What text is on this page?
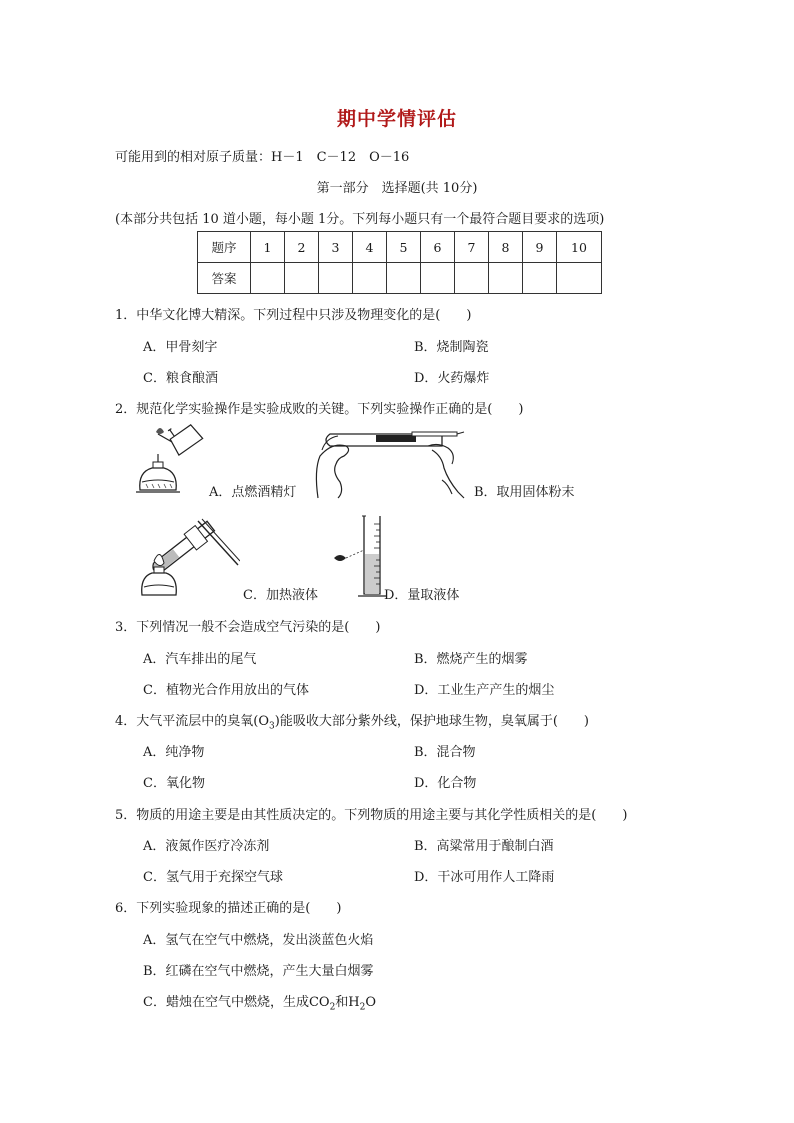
期中学情评估
可能用到的相对原子质量：H－1　C－12　O－16
第一部分　选择题(共 10分)
(本部分共包括 10 道小题，每小题 1分。下列每小题只有一个最符合题目要求的选项)
题序	1	2	3	4	5	6	7	8	9	10
答案										
1．中华文化博大精深。下列过程中只涉及物理变化的是(　　)
A．甲骨刻字	B．烧制陶瓷
C．粮食酿酒	D．火药爆炸
2．规范化学实验操作是实验成败的关键。下列实验操作正确的是(　　)
A．点燃酒精灯	B．取用固体粉末
C．加热液体	D．量取液体
3．下列情况一般不会造成空气污染的是(　　)
A．汽车排出的尾气	B．燃烧产生的烟雾
C．植物光合作用放出的气体	D．工业生产产生的烟尘
4．大气平流层中的臭氧$(O_3)$能吸收大部分紫外线，保护地球生物，臭氧属于(　　)
A．纯净物	B．混合物
C．氧化物	D．化合物
5．物质的用途主要是由其性质决定的。下列物质的用途主要与其化学性质相关的是(　　)
A．液氮作医疗冷冻剂	B．高粱常用于酿制白酒
C．氢气用于充探空气球	D．干冰可用作人工降雨
6．下列实验现象的描述正确的是(　　)
A．氢气在空气中燃烧，发出淡蓝色火焰
B．红磷在空气中燃烧，产生大量白烟雾
C．蜡烛在空气中燃烧，生成$CO_2$和$H_2O$
